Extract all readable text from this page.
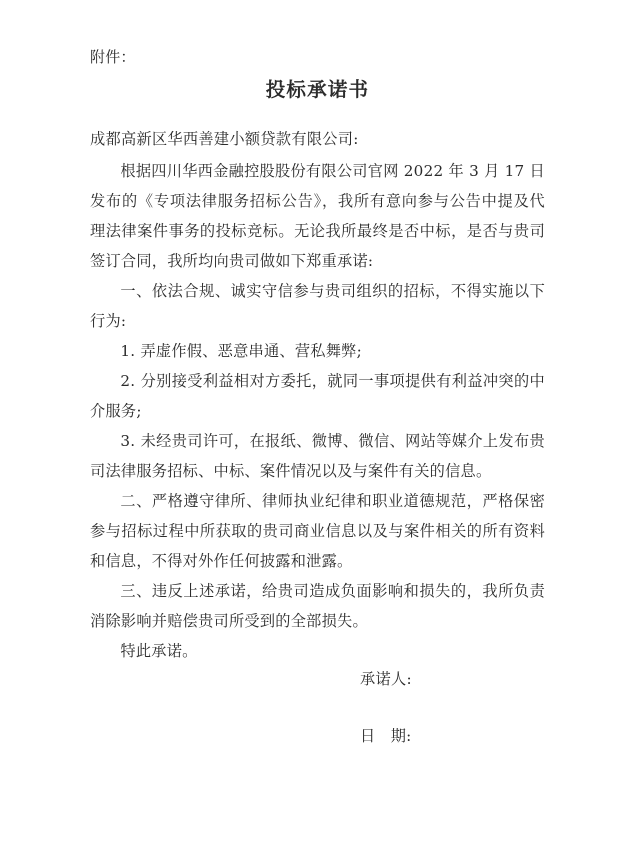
附件：

投标承诺书

成都高新区华西善建小额贷款有限公司:

根据四川华西金融控股股份有限公司官网 2022 年 3 月 17 日发布的《专项法律服务招标公告》，我所有意向参与公告中提及代理法律案件事务的投标竞标。无论我所最终是否中标，是否与贵司签订合同，我所均向贵司做如下郑重承诺:

一、依法合规、诚实守信参与贵司组织的招标，不得实施以下行为:

1. 弄虚作假、恶意串通、营私舞弊;

2. 分别接受利益相对方委托，就同一事项提供有利益冲突的中介服务;

3. 未经贵司许可，在报纸、微博、微信、网站等媒介上发布贵司法律服务招标、中标、案件情况以及与案件有关的信息。

二、严格遵守律所、律师执业纪律和职业道德规范，严格保密参与招标过程中所获取的贵司商业信息以及与案件相关的所有资料和信息，不得对外作任何披露和泄露。

三、违反上述承诺，给贵司造成负面影响和损失的，我所负责消除影响并赔偿贵司所受到的全部损失。

特此承诺。

承诺人:

日 期:
